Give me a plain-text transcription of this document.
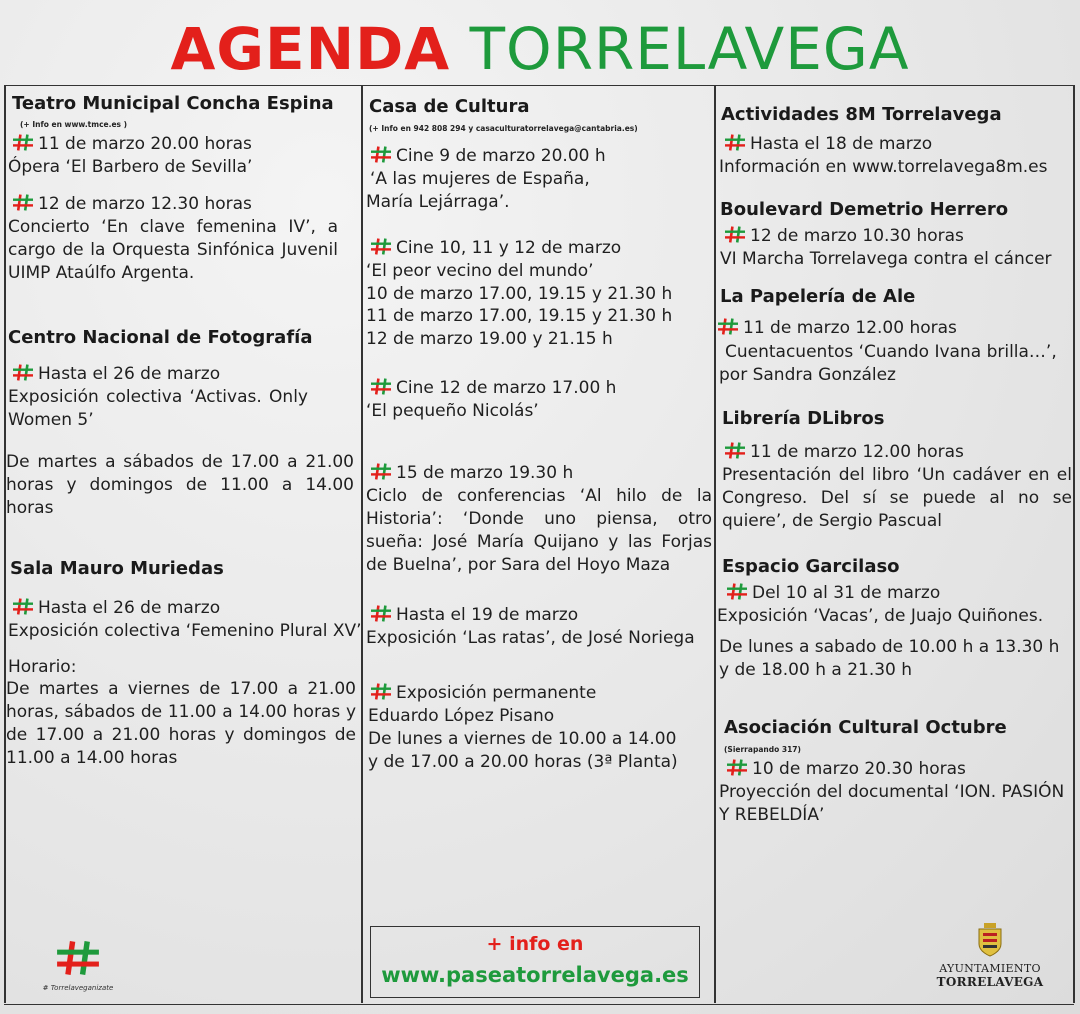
AGENDA TORRELAVEGA
Teatro Municipal Concha Espina
(+ Info en www.tmce.es )
11 de marzo 20.00 horas
Ópera ‘El Barbero de Sevilla’
12 de marzo 12.30 horas
Concierto ‘En clave femenina IV’, a cargo de la Orquesta Sinfónica Juvenil UIMP Ataúlfo Argenta.
Centro Nacional de Fotografía
Hasta el 26 de marzo
Exposición colectiva ‘Activas. Only Women 5’
De martes a sábados de 17.00 a 21.00 horas y domingos de 11.00 a 14.00 horas
Sala Mauro Muriedas
Hasta el 26 de marzo
Exposición colectiva ‘Femenino Plural XV’
Horario:
De martes a viernes de 17.00 a 21.00 horas, sábados de 11.00 a 14.00 horas y de 17.00 a 21.00 horas y domingos de 11.00 a 14.00 horas
Casa de Cultura
(+ Info en 942 808 294 y casaculturatorrelavega@cantabria.es)
Cine 9 de marzo 20.00 h
‘A las mujeres de España,
María Lejárraga’.
Cine 10, 11 y 12 de marzo
‘El peor vecino del mundo’
10 de marzo 17.00, 19.15 y 21.30 h
11 de marzo 17.00, 19.15 y 21.30 h
12 de marzo 19.00 y 21.15 h
Cine 12 de marzo 17.00 h
‘El pequeño Nicolás’
15 de marzo 19.30 h
Ciclo de conferencias ‘Al hilo de la Historia’: ‘Donde uno piensa, otro sueña: José María Quijano y las Forjas de Buelna’, por Sara del Hoyo Maza
Hasta el 19 de marzo
Exposición ‘Las ratas’, de José Noriega
Exposición permanente
Eduardo López Pisano
De lunes a viernes de 10.00 a 14.00
y de 17.00 a 20.00 horas (3ª Planta)
Actividades 8M Torrelavega
Hasta el 18 de marzo
Información en www.torrelavega8m.es
Boulevard Demetrio Herrero
12 de marzo 10.30 horas
VI Marcha Torrelavega contra el cáncer
La Papelería de Ale
11 de marzo 12.00 horas
Cuentacuentos ‘Cuando Ivana brilla…’,
por Sandra González
Librería DLibros
11 de marzo 12.00 horas
Presentación del libro ‘Un cadáver en el Congreso. Del sí se puede al no se quiere’, de Sergio Pascual
Espacio Garcilaso
Del 10 al 31 de marzo
Exposición ‘Vacas’, de Juajo Quiñones.
De lunes a sabado de 10.00 h a 13.30 h
y de 18.00 h a 21.30 h
Asociación Cultural Octubre
(Sierrapando 317)
10 de marzo 20.30 horas
Proyección del documental ‘ION. PASIÓN
Y REBELDÍA’
+ info en
www.paseatorrelavega.es
# Torrelaveganizate
AYUNTAMIENTO
TORRELAVEGA
